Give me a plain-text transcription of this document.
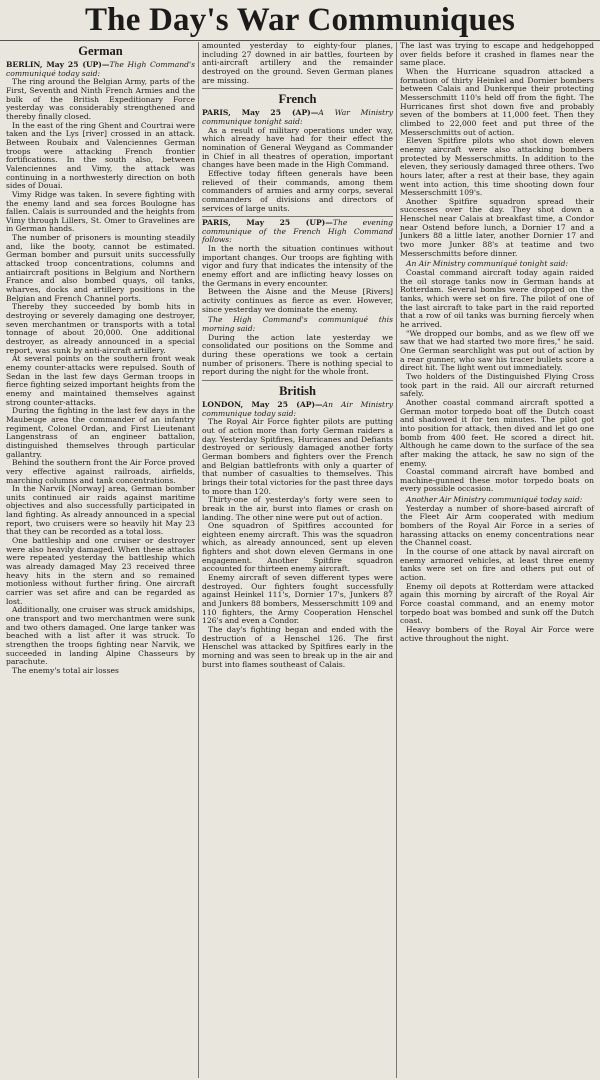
The Day's War Communiques
German

BERLIN, May 25 (UP)—The High Command's communiqué today said:

The ring around the Belgian Army, parts of the First, Seventh and Ninth French Armies and the bulk of the British Expeditionary Force yesterday was considerably strengthened and thereby finally closed.

In the east of the ring Ghent and Courtrai were taken and the Lys [river] crossed in an attack. Between Roubaix and Valenciennes German troops were attacking French frontier fortifications. In the south also, between Valenciennes and Vimy, the attack was continuing in a northwesterly direction on both sides of Douai.

Vimy Ridge was taken. In severe fighting with the enemy land and sea forces Boulogne has fallen. Calais is surrounded and the heights from Vimy through Lillers, St. Omer to Gravelines are in German hands.

The number of prisoners is mounting steadily and, like the booty, cannot be estimated. German bomber and pursuit units successfully attacked troop concentrations, columns and antiaircraft positions in Belgium and Northern France and also bombed quays, oil tanks, wharves, docks and artillery positions in the Belgian and French Channel ports.

Thereby they succeeded by bomb hits in destroying or severely damaging one destroyer, seven merchantmen or transports with a total tonnage of about 20,000. One additional destroyer, as already announced in a special report, was sunk by anti-aircraft artillery.

At several points on the southern front weak enemy counter-attacks were repulsed. South of Sedan in the last few days German troops in fierce fighting seized important heights from the enemy and maintained themselves against strong counter-attacks.

During the fighting in the last few days in the Maubeuge area the commander of an infantry regiment, Colonel Ordan, and First Lieutenant Langenstrass of an engineer battalion, distinguished themselves through particular gallantry.

Behind the southern front the Air Force proved very effective against railroads, airfields, marching columns and tank concentrations.

In the Narvik [Norway] area, German bomber units continued air raids against maritime objectives and also successfully participated in land fighting. As already announced in a special report, two cruisers were so heavily hit May 23 that they can be recorded as a total loss.

One battleship and one cruiser or destroyer were also heavily damaged. When these attacks were repeated yesterday the battleship which was already damaged May 23 received three heavy hits in the stern and so remained motionless without further firing. One aircraft carrier was set afire and can be regarded as lost.

Additionally, one cruiser was struck amidships, one transport and two merchantmen were sunk and two others damaged. One large tanker was beached with a list after it was struck. To strengthen the troops fighting near Narvik, we succeeded in landing Alpine Chasseurs by parachute.

The enemy's total air losses

amounted yesterday to eighty-four planes, including 27 downed in air battles, fourteen by anti-aircraft artillery and the remainder destroyed on the ground. Seven German planes are missing.

French

PARIS, May 25 (AP)—A War Ministry communique tonight said:

As a result of military operations under way, which already have had for their effect the nomination of General Weygand as Commander in Chief in all theatres of operation, important changes have been made in the High Command.

Effective today fifteen generals have been relieved of their commands, among them commanders of armies and army corps, several commanders of divisions and directors of services of large units.

PARIS, May 25 (UP)—The evening communique of the French High Command follows:

In the north the situation continues without important changes. Our troops are fighting with vigor and fury that indicates the intensity of the enemy effort and are inflicting heavy losses on the Germans in every encounter.

Between the Aisne and the Meuse [Rivers] activity continues as fierce as ever. However, since yesterday we dominate the enemy.

The High Command's communiqué this morning said:

During the action late yesterday we consolidated our positions on the Somme and during these operations we took a certain number of prisoners. There is nothing special to report during the night for the whole front.

British

LONDON, May 25 (AP)—An Air Ministry communique today said:

The Royal Air Force fighter pilots are putting out of action more than forty German raiders a day. Yesterday Spitfires, Hurricanes and Defiants destroyed or seriously damaged another forty German bombers and fighters over the French and Belgian battlefronts with only a quarter of that number of casualties to themselves. This brings their total victories for the past three days to more than 120.

Thirty-one of yesterday's forty were seen to break in the air, burst into flames or crash on landing. The other nine were put out of action.

One squadron of Spitfires accounted for eighteen enemy aircraft. This was the squadron which, as already announced, sent up eleven fighters and shot down eleven Germans in one engagement. Another Spitfire squadron accounted for thirteen enemy aircraft.

Enemy aircraft of seven different types were destroyed. Our fighters fought successfully against Heinkel 111's, Dornier 17's, Junkers 87 and Junkers 88 bombers, Messerschmitt 109 and 110 fighters, the Army Cooperation Henschel 126's and even a Condor.

The day's fighting began and ended with the destruction of a Henschel 126. The first Henschel was attacked by Spitfires early in the morning and was seen to break up in the air and burst into flames southeast of Calais.

The last was trying to escape and hedgehopped over fields before it crashed in flames near the same place.

When the Hurricane squadron attacked a formation of thirty Heinkel and Dornier bombers between Calais and Dunkerque their protecting Messerschmitt 110's held off from the fight. The Hurricanes first shot down five and probably seven of the bombers at 11,000 feet. Then they climbed to 22,000 feet and put three of the Messerschmitts out of action.

Eleven Spitfire pilots who shot down eleven enemy aircraft were also attacking bombers protected by Messerschmitts. In addition to the eleven, they seriously damaged three others. Two hours later, after a rest at their base, they again went into action, this time shooting down four Messerschmitt 109's.

Another Spitfire squadron spread their successes over the day. They shot down a Henschel near Calais at breakfast time, a Condor near Ostend before lunch, a Dornier 17 and a Junkers 88 a little later, another Dornier 17 and two more Junker 88's at teatime and two Messerschmitts before dinner.

An Air Ministry communiqué tonight said:

Coastal command aircraft today again raided the oil storage tanks now in German hands at Rotterdam. Several bombs were dropped on the tanks, which were set on fire. The pilot of one of the last aircraft to take part in the raid reported that a row of oil tanks was burning fiercely when he arrived.

"We dropped our bombs, and as we flew off we saw that we had started two more fires," he said. One German searchlight was put out of action by a rear gunner, who saw his tracer bullets score a direct hit. The light went out immediately.

Two holders of the Distinguished Flying Cross took part in the raid. All our aircraft returned safely.

Another coastal command aircraft spotted a German motor torpedo boat off the Dutch coast and shadowed it for ten minutes. The pilot got into position for attack, then dived and let go one bomb from 400 feet. He scored a direct hit. Although he came down to the surface of the sea after making the attack, he saw no sign of the enemy.

Coastal command aircraft have bombed and machine-gunned these motor torpedo boats on every possible occasion.

Another Air Ministry communiqué today said:

Yesterday a number of shore-based aircraft of the Fleet Air Arm cooperated with medium bombers of the Royal Air Force in a series of harassing attacks on enemy concentrations near the Channel coast.

In the course of one attack by naval aircraft on enemy armored vehicles, at least three enemy tanks were set on fire and others put out of action.

Enemy oil depots at Rotterdam were attacked again this morning by aircraft of the Royal Air Force coastal command, and an enemy motor torpedo boat was bombed and sunk off the Dutch coast.

Heavy bombers of the Royal Air Force were active throughout the night.
